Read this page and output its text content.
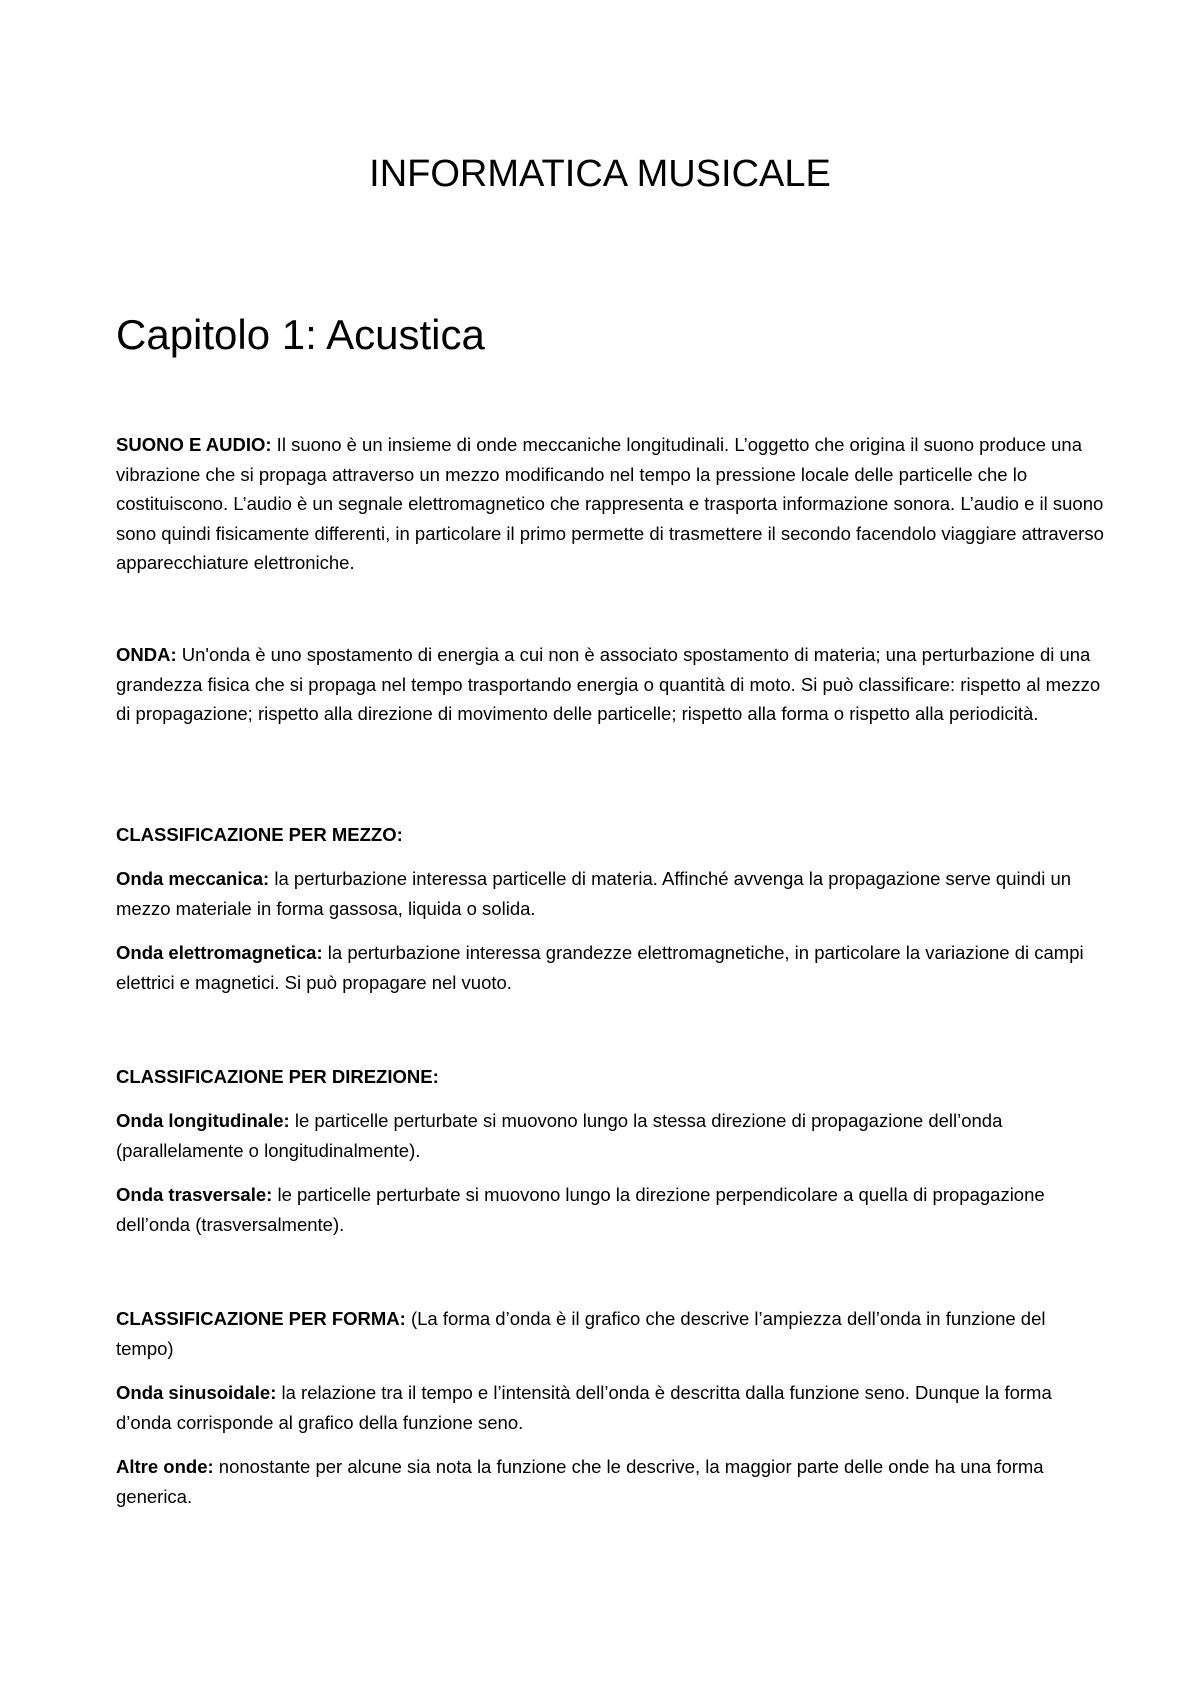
INFORMATICA MUSICALE
Capitolo 1: Acustica

SUONO E AUDIO: Il suono è un insieme di onde meccaniche longitudinali. L’oggetto che origina il suono produce una vibrazione che si propaga attraverso un mezzo modificando nel tempo la pressione locale delle particelle che lo costituiscono. L’audio è un segnale elettromagnetico che rappresenta e trasporta informazione sonora. L’audio e il suono sono quindi fisicamente differenti, in particolare il primo permette di trasmettere il secondo facendolo viaggiare attraverso apparecchiature elettroniche.

ONDA: Un'onda è uno spostamento di energia a cui non è associato spostamento di materia; una perturbazione di una grandezza fisica che si propaga nel tempo trasportando energia o quantità di moto. Si può classificare: rispetto al mezzo di propagazione; rispetto alla direzione di movimento delle particelle; rispetto alla forma o rispetto alla periodicità.

CLASSIFICAZIONE PER MEZZO:

Onda meccanica: la perturbazione interessa particelle di materia. Affinché avvenga la propagazione serve quindi un mezzo materiale in forma gassosa, liquida o solida.

Onda elettromagnetica: la perturbazione interessa grandezze elettromagnetiche, in particolare la variazione di campi elettrici e magnetici. Si può propagare nel vuoto.

CLASSIFICAZIONE PER DIREZIONE:

Onda longitudinale: le particelle perturbate si muovono lungo la stessa direzione di propagazione dell’onda (parallelamente o longitudinalmente).

Onda trasversale: le particelle perturbate si muovono lungo la direzione perpendicolare a quella di propagazione dell’onda (trasversalmente).

CLASSIFICAZIONE PER FORMA: (La forma d’onda è il grafico che descrive l’ampiezza dell’onda in funzione del tempo)

Onda sinusoidale: la relazione tra il tempo e l’intensità dell’onda è descritta dalla funzione seno. Dunque la forma d’onda corrisponde al grafico della funzione seno.

Altre onde: nonostante per alcune sia nota la funzione che le descrive, la maggior parte delle onde ha una forma generica.
